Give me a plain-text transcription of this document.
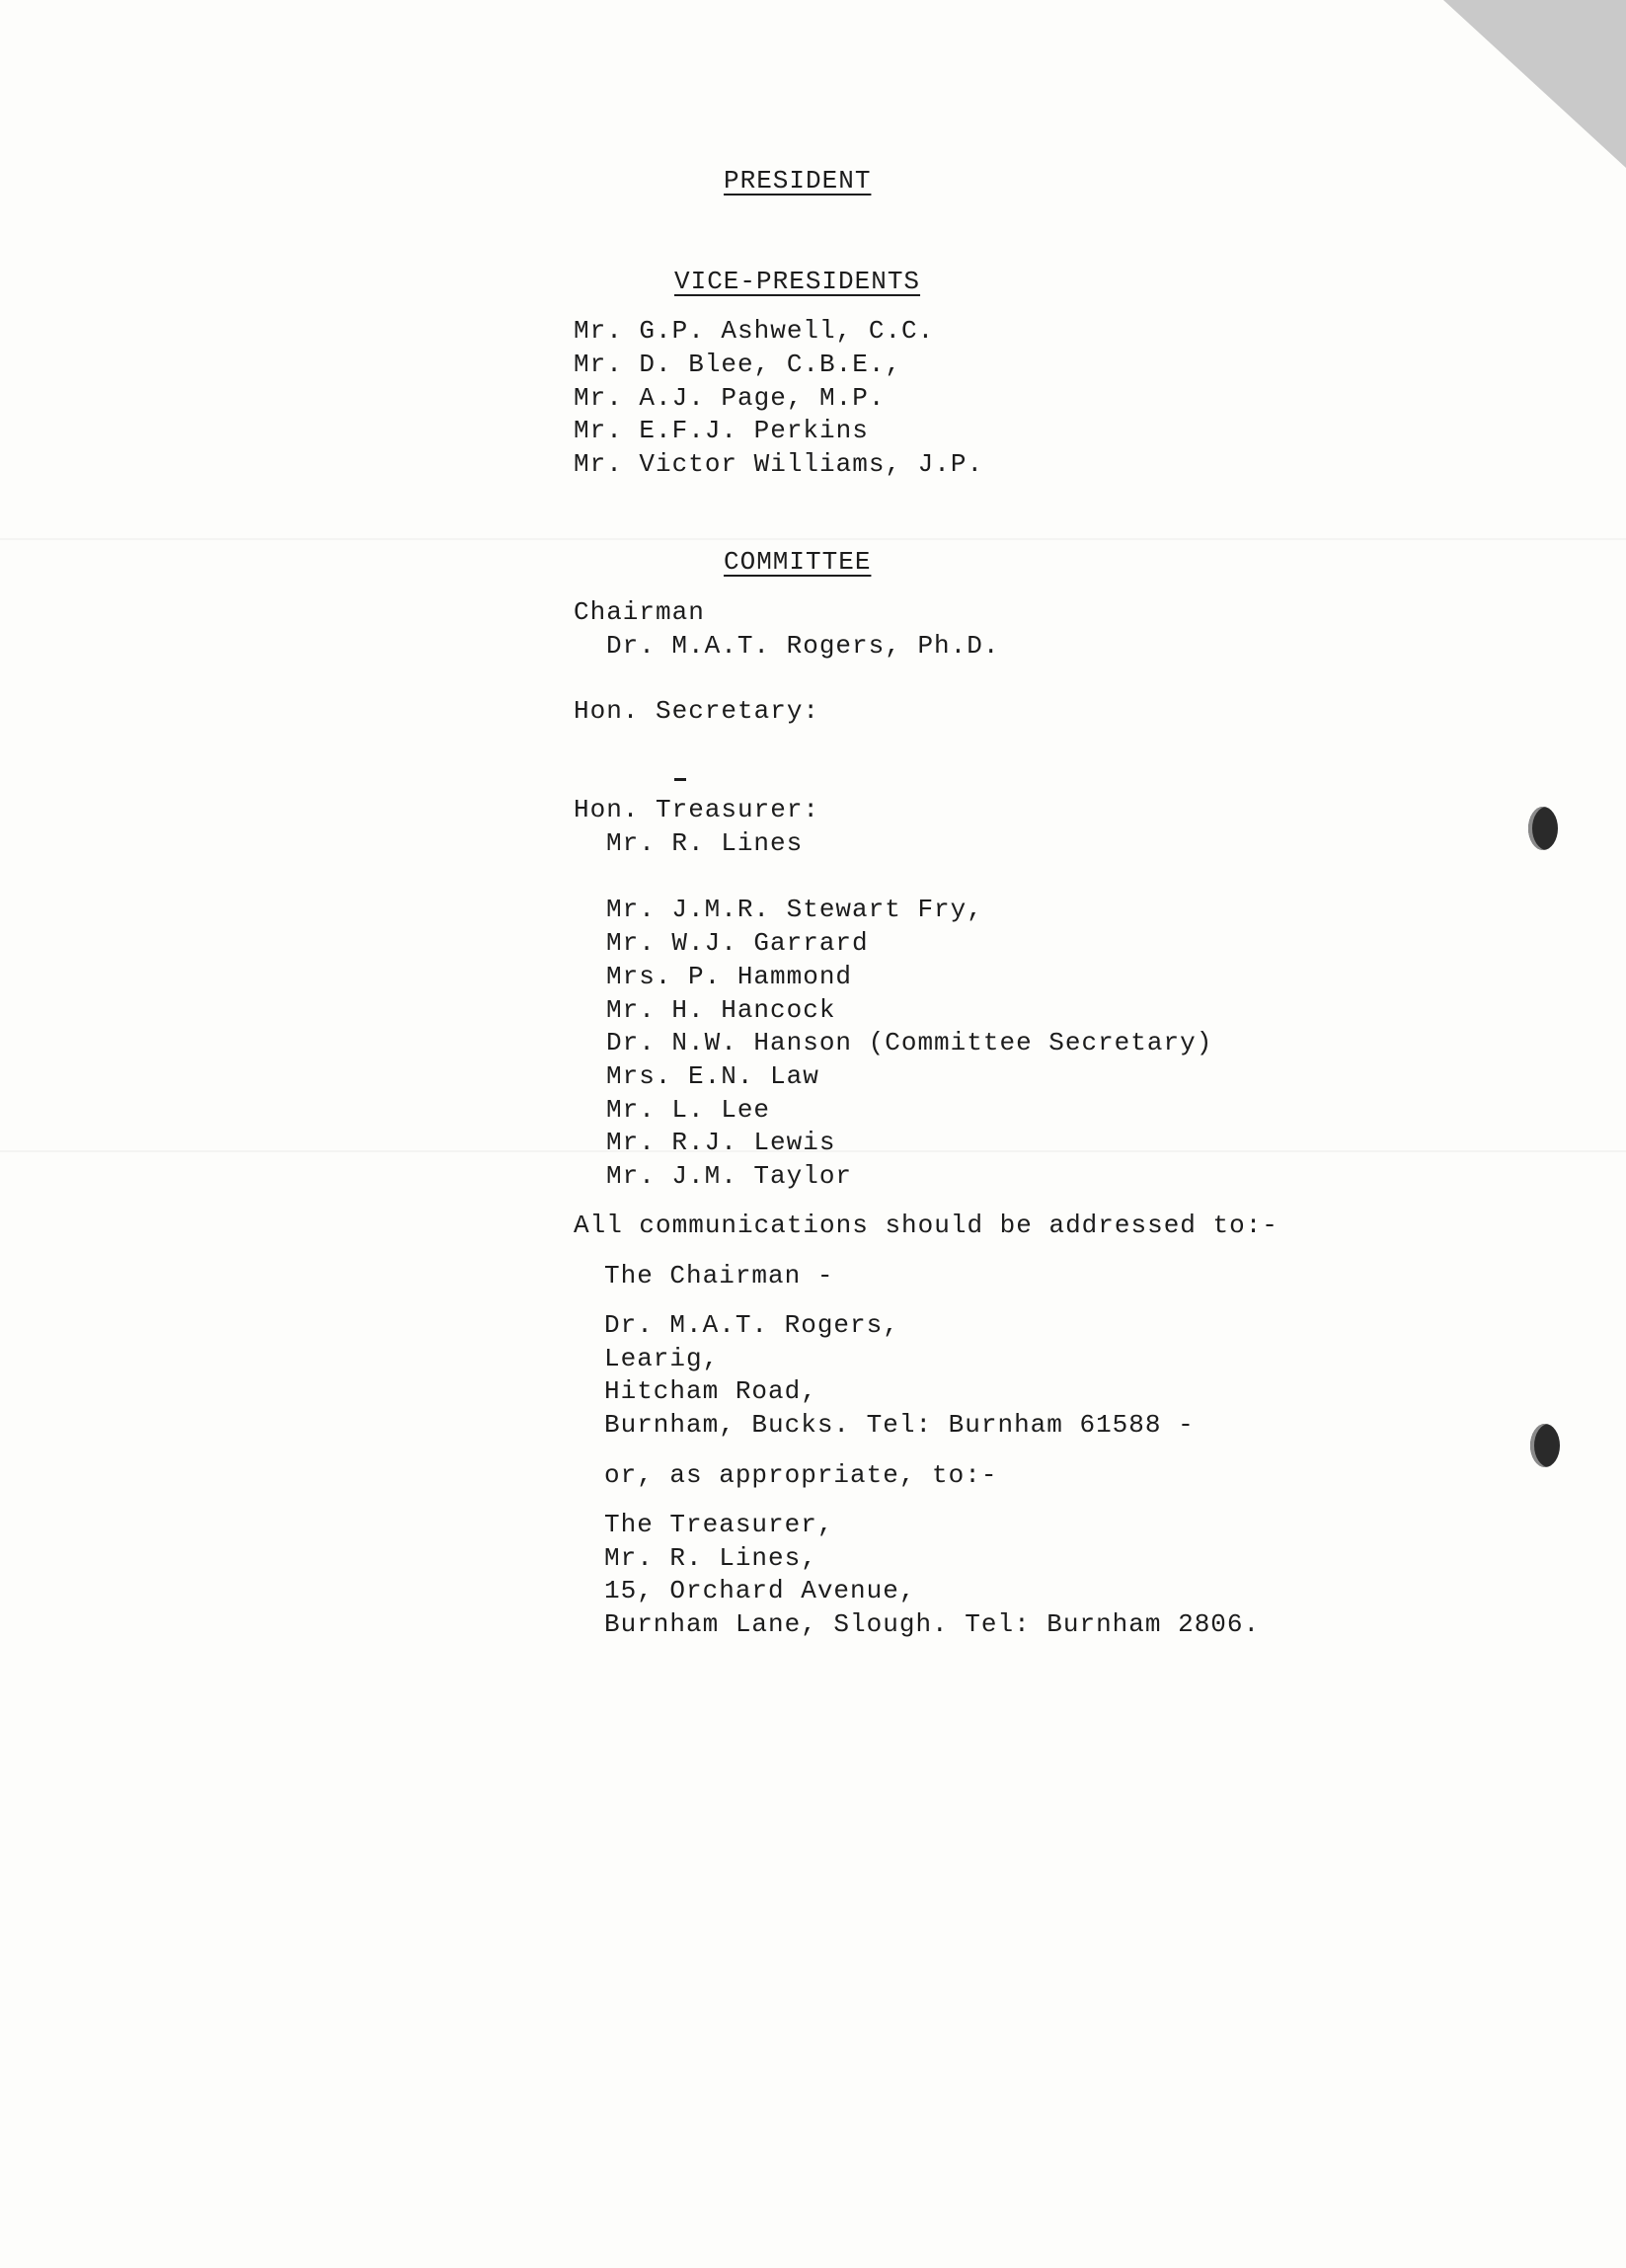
PRESIDENT
VICE-PRESIDENTS
Mr. G.P. Ashwell, C.C.
Mr. D. Blee, C.B.E.,
Mr. A.J. Page, M.P.
Mr. E.F.J. Perkins
Mr. Victor Williams, J.P.
COMMITTEE
Chairman
Dr. M.A.T. Rogers, Ph.D.
Hon. Secretary:
Hon. Treasurer:
Mr. R. Lines
Mr. J.M.R. Stewart Fry,
Mr. W.J. Garrard
Mrs. P. Hammond
Mr. H. Hancock
Dr. N.W. Hanson (Committee Secretary)
Mrs. E.N. Law
Mr. L. Lee
Mr. R.J. Lewis
Mr. J.M. Taylor
All communications should be addressed to:-
The Chairman -
Dr. M.A.T. Rogers,
Learig,
Hitcham Road,
Burnham, Bucks. Tel: Burnham 61588 -
or, as appropriate, to:-
The Treasurer,
Mr. R. Lines,
15, Orchard Avenue,
Burnham Lane, Slough. Tel: Burnham 2806.
